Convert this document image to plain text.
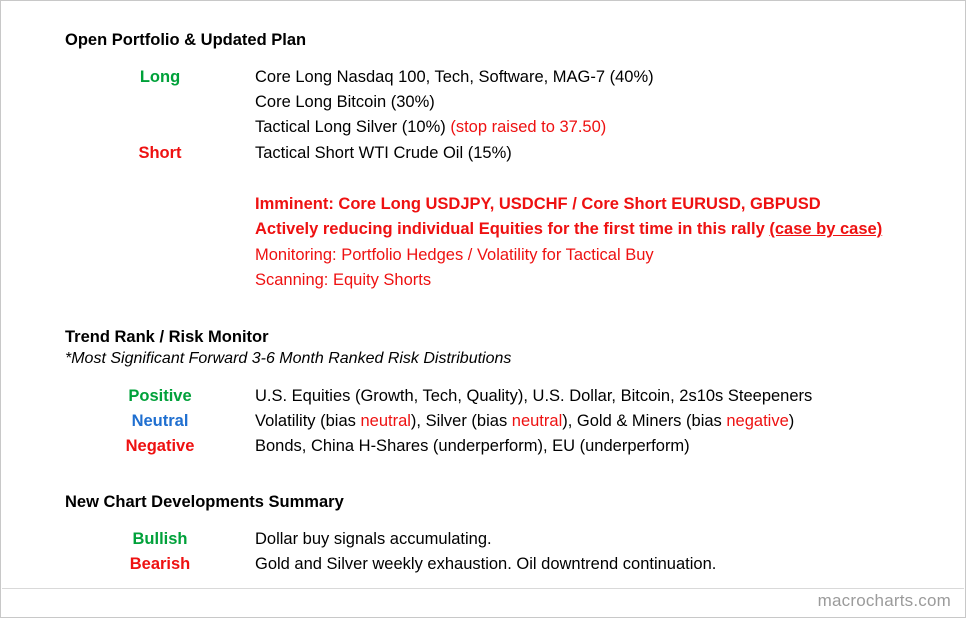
Open Portfolio & Updated Plan
Long	Core Long Nasdaq 100, Tech, Software, MAG-7 (40%)
Core Long Bitcoin (30%)
Tactical Long Silver (10%) (stop raised to 37.50)
Short	Tactical Short WTI Crude Oil (15%)
Imminent: Core Long USDJPY, USDCHF / Core Short EURUSD, GBPUSD
Actively reducing individual Equities for the first time in this rally (case by case)
Monitoring: Portfolio Hedges / Volatility for Tactical Buy
Scanning: Equity Shorts
Trend Rank / Risk Monitor
*Most Significant Forward 3-6 Month Ranked Risk Distributions
Positive	U.S. Equities (Growth, Tech, Quality), U.S. Dollar, Bitcoin, 2s10s Steepeners
Neutral	Volatility (bias neutral), Silver (bias neutral), Gold & Miners (bias negative)
Negative	Bonds, China H-Shares (underperform), EU (underperform)
New Chart Developments Summary
Bullish	Dollar buy signals accumulating.
Bearish	Gold and Silver weekly exhaustion. Oil downtrend continuation.
macrocharts.com
